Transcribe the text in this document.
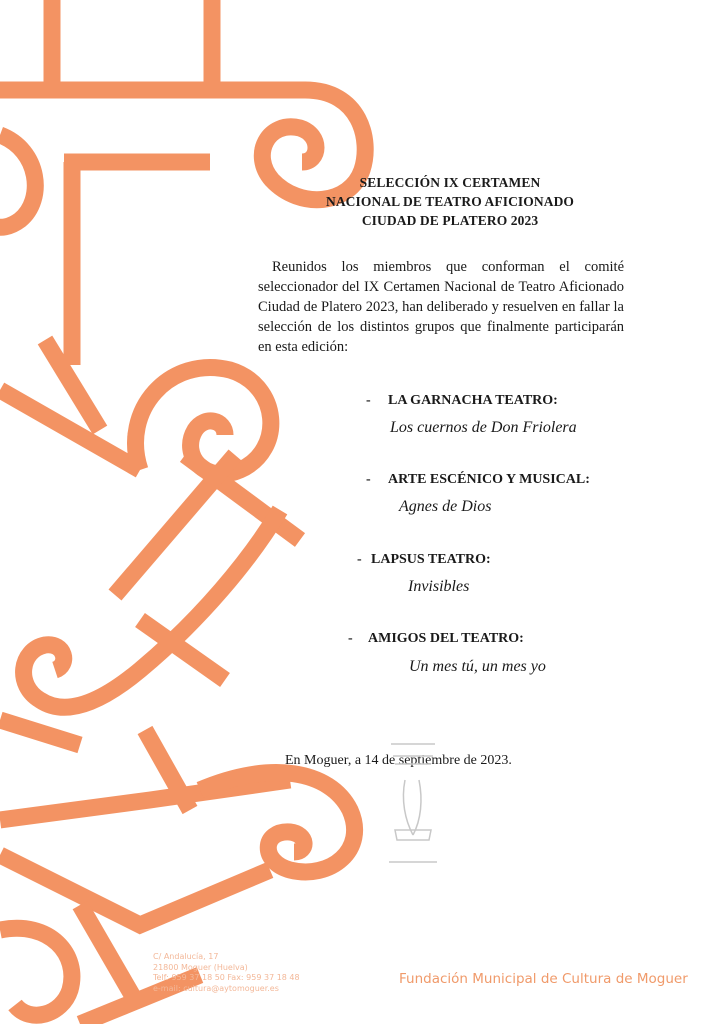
SELECCIÓN IX CERTAMEN
NACIONAL DE TEATRO AFICIONADO
CIUDAD DE PLATERO 2023
Reunidos los miembros que conforman el comité seleccionador del IX Certamen Nacional de Teatro Aficionado Ciudad de Platero 2023, han deliberado y resuelven en fallar la selección de los distintos grupos que finalmente participarán en esta edición:
- LA GARNACHA TEATRO:
Los cuernos de Don Friolera
- ARTE ESCÉNICO Y MUSICAL:
Agnes de Dios
- LAPSUS TEATRO:
Invisibles
- AMIGOS DEL TEATRO:
Un mes tú, un mes yo
En Moguer, a 14 de septiembre de 2023.
C/ Andalucía, 17
21800 Moguer (Huelva)
Telf: 959 37 18 50 Fax: 959 37 18 48
e-mail: cultura@aytomoguer.es
Fundación Municipal de Cultura de Moguer
